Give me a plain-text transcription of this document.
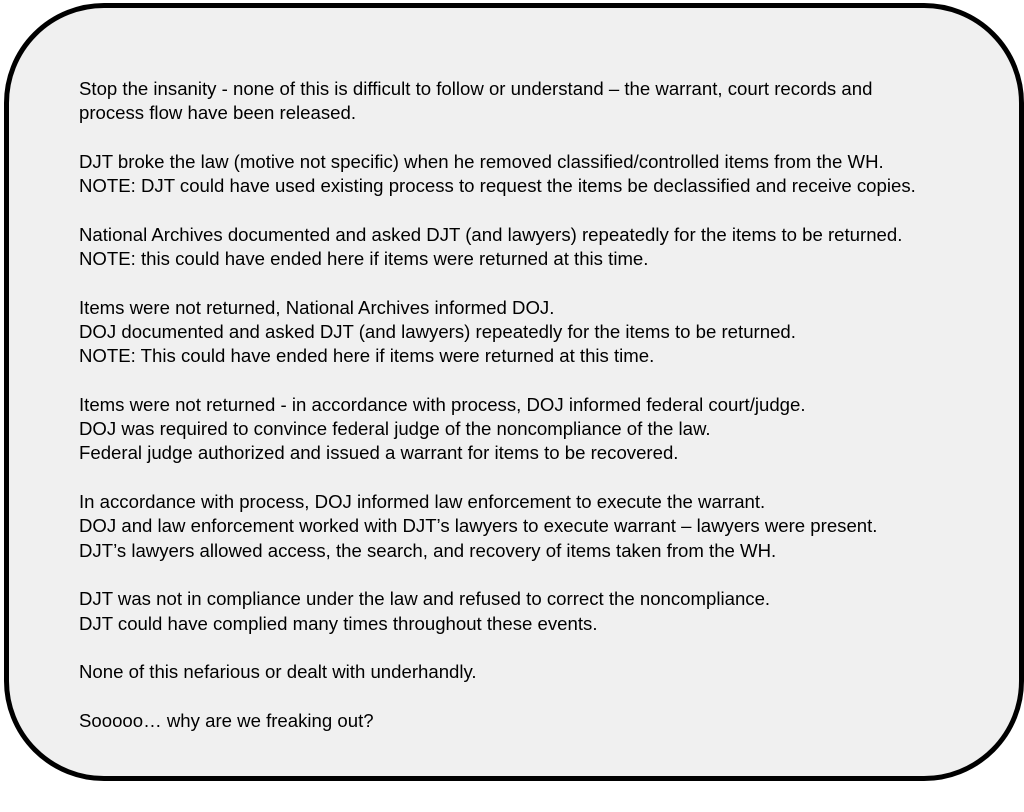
Stop the insanity - none of this is difficult to follow or understand – the warrant, court records and
process flow have been released.

DJT broke the law (motive not specific) when he removed classified/controlled items from the WH.
NOTE: DJT could have used existing process to request the items be declassified and receive copies.

National Archives documented and asked DJT (and lawyers) repeatedly for the items to be returned.
NOTE: this could have ended here if items were returned at this time.

Items were not returned, National Archives informed DOJ.
DOJ documented and asked DJT (and lawyers) repeatedly for the items to be returned.
NOTE: This could have ended here if items were returned at this time.

Items were not returned - in accordance with process, DOJ informed federal court/judge.
DOJ was required to convince federal judge of the noncompliance of the law.
Federal judge authorized and issued a warrant for items to be recovered.

In accordance with process, DOJ informed law enforcement to execute the warrant.
DOJ and law enforcement worked with DJT’s lawyers to execute warrant – lawyers were present.
DJT’s lawyers allowed access, the search, and recovery of items taken from the WH.

DJT was not in compliance under the law and refused to correct the noncompliance.
DJT could have complied many times throughout these events.

None of this nefarious or dealt with underhandly.

Sooooo… why are we freaking out?
